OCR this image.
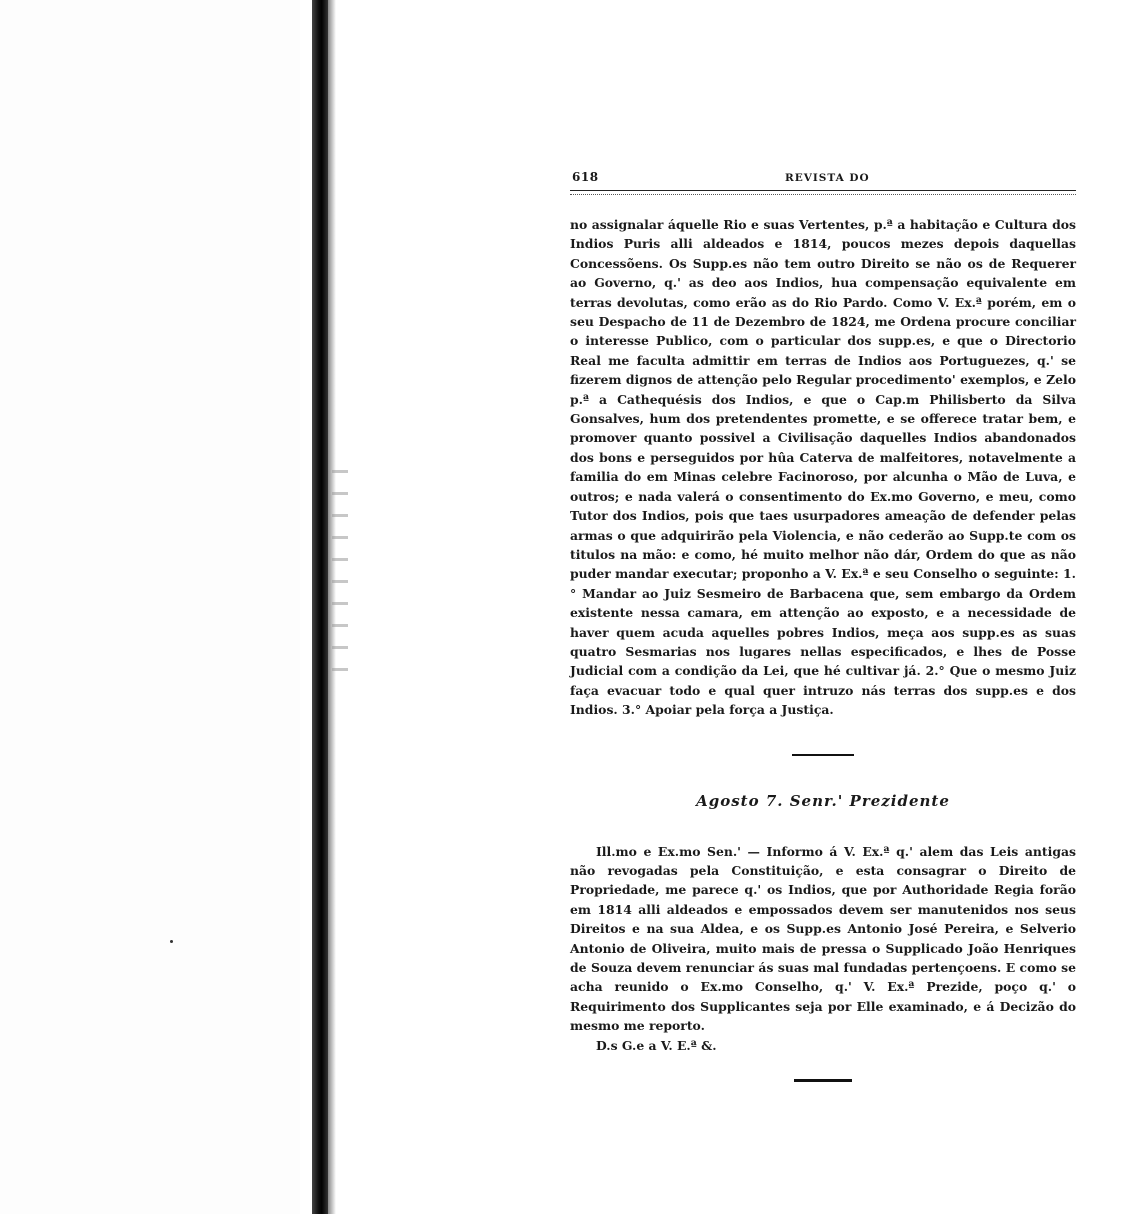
618	REVISTA DO

no assignalar áquelle Rio e suas Vertentes, p.ª a habitação e Cultura dos Indios Puris alli aldeados e 1814, poucos mezes depois daquellas Concessõens. Os Supp.es não tem outro Direito se não os de Requerer ao Governo, q.' as deo aos Indios, hua compensação equivalente em terras devolutas, como erão as do Rio Pardo. Como V. Ex.ª porém, em o seu Despacho de 11 de Dezembro de 1824, me Ordena procure conciliar o interesse Publico, com o particular dos supp.es, e que o Directorio Real me faculta admittir em terras de Indios aos Portuguezes, q.' se fizerem dignos de attenção pelo Regular procedimento' exemplos, e Zelo p.ª a Cathequésis dos Indios, e que o Cap.m Philisberto da Silva Gonsalves, hum dos pretendentes promette, e se offerece tratar bem, e promover quanto possivel a Civilisação daquelles Indios abandonados dos bons e perseguidos por hûa Caterva de malfeitores, notavelmente a familia do em Minas celebre Facinoroso, por alcunha o Mão de Luva, e outros; e nada valerá o consentimento do Ex.mo Governo, e meu, como Tutor dos Indios, pois que taes usurpadores ameação de defender pelas armas o que adquirirão pela Violencia, e não cederão ao Supp.te com os titulos na mão: e como, hé muito melhor não dár, Ordem do que as não puder mandar executar; proponho a V. Ex.ª e seu Conselho o seguinte: 1.° Mandar ao Juiz Sesmeiro de Barbacena que, sem embargo da Ordem existente nessa camara, em attenção ao exposto, e a necessidade de haver quem acuda aquelles pobres Indios, meça aos supp.es as suas quatro Sesmarias nos lugares nellas especificados, e lhes de Posse Judicial com a condição da Lei, que hé cultivar já. 2.° Que o mesmo Juiz faça evacuar todo e qual quer intruzo nás terras dos supp.es e dos Indios. 3.° Apoiar pela força a Justiça.

Agosto 7. Senr.' Prezidente

Ill.mo e Ex.mo Sen.' — Informo á V. Ex.ª q.' alem das Leis antigas não revogadas pela Constituição, e esta consagrar o Direito de Propriedade, me parece q.' os Indios, que por Authoridade Regia forão em 1814 alli aldeados e empossados devem ser manutenidos nos seus Direitos e na sua Aldea, e os Supp.es Antonio José Pereira, e Selverio Antonio de Oliveira, muito mais de pressa o Supplicado João Henriques de Souza devem renunciar ás suas mal fundadas pertençoens. E como se acha reunido o Ex.mo Conselho, q.' V. Ex.ª Prezide, poço q.' o Requirimento dos Supplicantes seja por Elle examinado, e á Decizão do mesmo me reporto.

D.s G.e a V. E.ª &.
